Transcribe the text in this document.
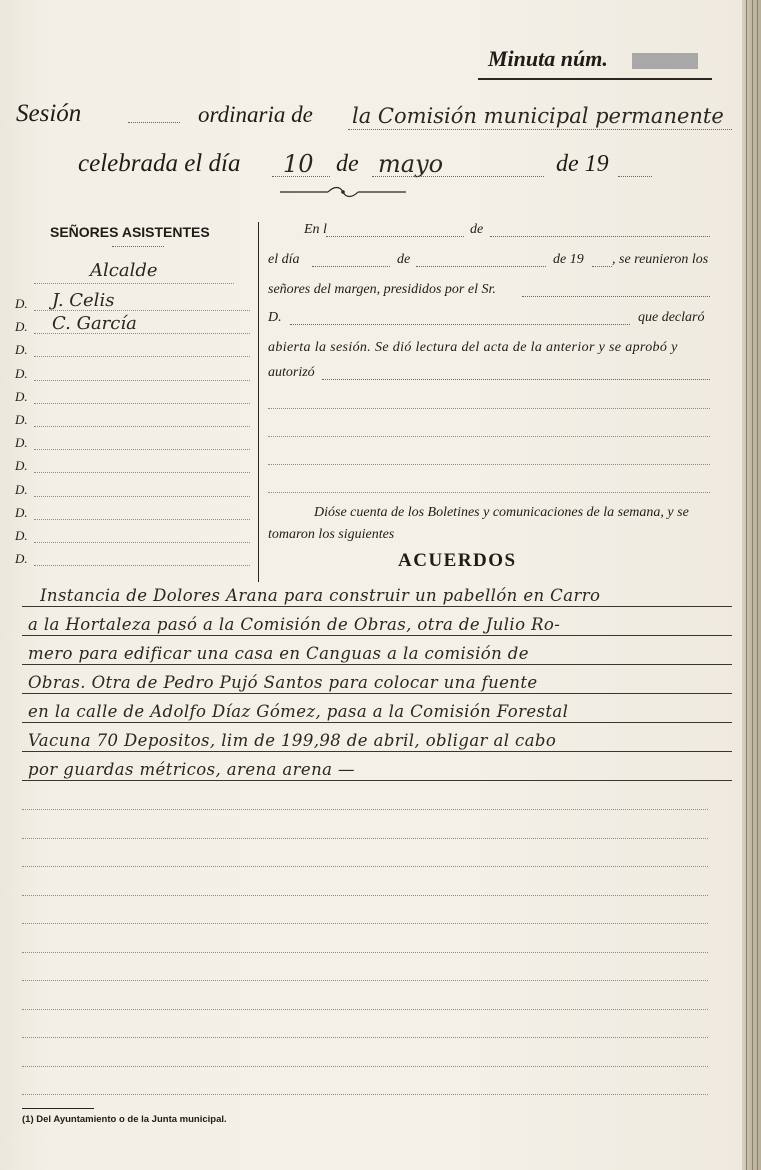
Minuta núm.
Sesión	ordinaria de la Comisión municipal permanente
celebrada el día 10 de mayo	de 19
SEÑORES ASISTENTES
Alcalde
D. J. Celis
D. C. García
D.
D.
D.
D.
D.
D.
D.
D.
D.
D.
En l	de
el día	de	de 19 , se reunieron los
señores del margen, presididos por el Sr.
D.	que declaró
abierta la sesión. Se dió lectura del acta de la anterior y se aprobó y
autorizó
Dióse cuenta de los Boletines y comunicaciones de la semana, y se
tomaron los siguientes
ACUERDOS
Instancia de Dolores Arana para construir un pabellón en Carro
a la Hortaleza pasó a la Comisión de Obras, otra de Julio Ro-
mero para edificar una casa en Canguas a la comisión de
Obras. Otra de Pedro Pujó Santos para colocar una fuente
en la calle de Adolfo Díaz Gómez, pasa a la Comisión Forestal
Vacuna 70 Depositos, lim de 199,98 de abril, obligar al cabo
por guardas métricos, arena arena —

(1) Del Ayuntamiento o de la Junta municipal.
